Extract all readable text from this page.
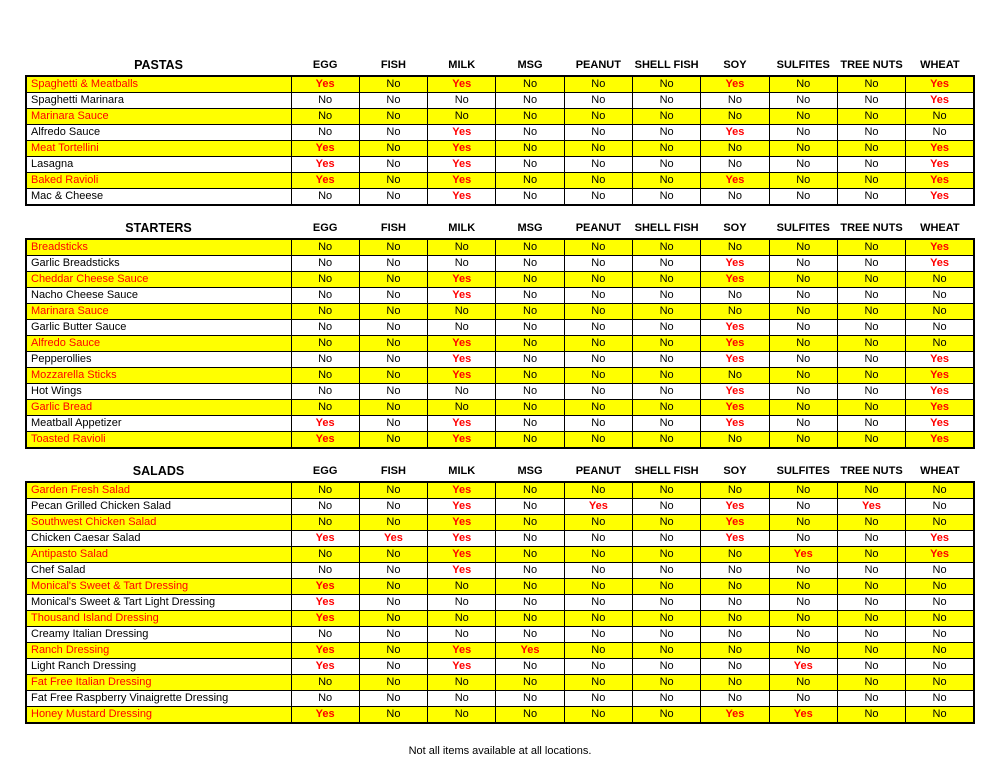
PASTAS	EGG	FISH	MILK	MSG	PEANUT	SHELL FISH	SOY	SULFITES	TREE NUTS	WHEAT
Spaghetti & Meatballs	Yes	No	Yes	No	No	No	Yes	No	No	Yes
Spaghetti Marinara	No	No	No	No	No	No	No	No	No	Yes
Marinara Sauce	No	No	No	No	No	No	No	No	No	No
Alfredo Sauce	No	No	Yes	No	No	No	Yes	No	No	No
Meat Tortellini	Yes	No	Yes	No	No	No	No	No	No	Yes
Lasagna	Yes	No	Yes	No	No	No	No	No	No	Yes
Baked Ravioli	Yes	No	Yes	No	No	No	Yes	No	No	Yes
Mac & Cheese	No	No	Yes	No	No	No	No	No	No	Yes
STARTERS	EGG	FISH	MILK	MSG	PEANUT	SHELL FISH	SOY	SULFITES	TREE NUTS	WHEAT
Breadsticks	No	No	No	No	No	No	No	No	No	Yes
Garlic Breadsticks	No	No	No	No	No	No	Yes	No	No	Yes
Cheddar Cheese Sauce	No	No	Yes	No	No	No	Yes	No	No	No
Nacho Cheese Sauce	No	No	Yes	No	No	No	No	No	No	No
Marinara Sauce	No	No	No	No	No	No	No	No	No	No
Garlic Butter Sauce	No	No	No	No	No	No	Yes	No	No	No
Alfredo Sauce	No	No	Yes	No	No	No	Yes	No	No	No
Pepperollies	No	No	Yes	No	No	No	Yes	No	No	Yes
Mozzarella Sticks	No	No	Yes	No	No	No	No	No	No	Yes
Hot Wings	No	No	No	No	No	No	Yes	No	No	Yes
Garlic Bread	No	No	No	No	No	No	Yes	No	No	Yes
Meatball Appetizer	Yes	No	Yes	No	No	No	Yes	No	No	Yes
Toasted Ravioli	Yes	No	Yes	No	No	No	No	No	No	Yes
SALADS	EGG	FISH	MILK	MSG	PEANUT	SHELL FISH	SOY	SULFITES	TREE NUTS	WHEAT
Garden Fresh Salad	No	No	Yes	No	No	No	No	No	No	No
Pecan Grilled Chicken Salad	No	No	Yes	No	Yes	No	Yes	No	Yes	No
Southwest Chicken Salad	No	No	Yes	No	No	No	Yes	No	No	No
Chicken Caesar Salad	Yes	Yes	Yes	No	No	No	Yes	No	No	Yes
Antipasto Salad	No	No	Yes	No	No	No	No	Yes	No	Yes
Chef Salad	No	No	Yes	No	No	No	No	No	No	No
Monical's Sweet & Tart Dressing	Yes	No	No	No	No	No	No	No	No	No
Monical's Sweet & Tart Light Dressing	Yes	No	No	No	No	No	No	No	No	No
Thousand Island Dressing	Yes	No	No	No	No	No	No	No	No	No
Creamy Italian Dressing	No	No	No	No	No	No	No	No	No	No
Ranch Dressing	Yes	No	Yes	Yes	No	No	No	No	No	No
Light Ranch Dressing	Yes	No	Yes	No	No	No	No	Yes	No	No
Fat Free Italian Dressing	No	No	No	No	No	No	No	No	No	No
Fat Free Raspberry Vinaigrette Dressing	No	No	No	No	No	No	No	No	No	No
Honey Mustard Dressing	Yes	No	No	No	No	No	Yes	Yes	No	No
Not all items available at all locations.
